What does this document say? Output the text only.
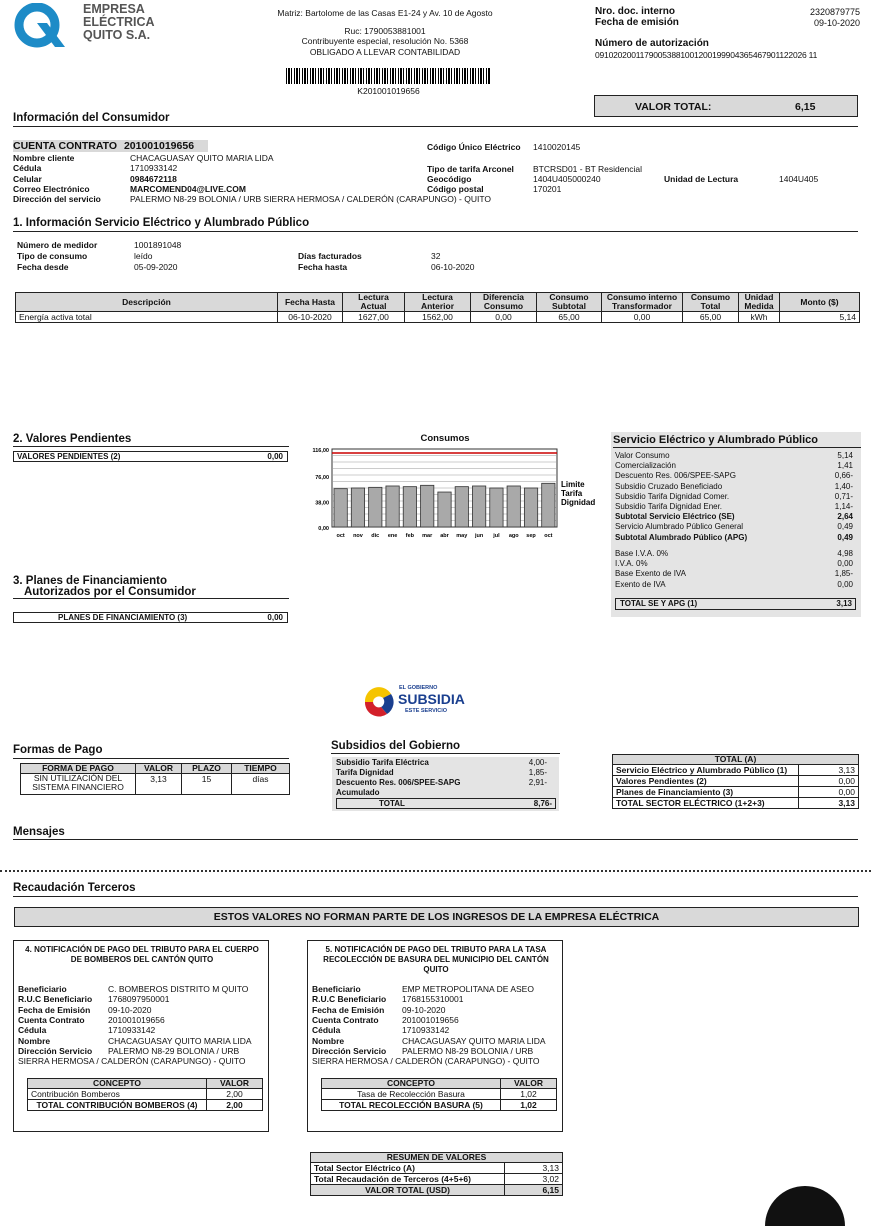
EMPRESA
ELÉCTRICA
QUITO S.A.
Matriz: Bartolome de las Casas E1-24 y Av. 10 de Agosto
Ruc: 1790053881001
Contribuyente especial, resolución No. 5368
OBLIGADO A LLEVAR CONTABILIDAD
K201001019656
Nro. doc. interno	2320879775
Fecha de emisión	09-10-2020
Número de autorización
09102020011790053881001200199904365467901122026 11
VALOR TOTAL:	6,15
Información del Consumidor
CUENTA CONTRATO 201001019656
Nombre cliente	CHACAGUASAY QUITO MARIA LIDA
Cédula	1710933142
Celular	0984672118
Correo Electrónico	MARCOMEND04@LIVE.COM
Dirección del servicio	PALERMO N8-29 BOLONIA / URB SIERRA HERMOSA / CALDERÓN (CARAPUNGO) - QUITO
Código Único Eléctrico 1410020145
Tipo de tarifa Arconel BTCRSD01 - BT Residencial
Geocódigo	1404U405000240	Unidad de Lectura	1404U405
Código postal	170201
1. Información Servicio Eléctrico y Alumbrado Público
Número de medidor	1001891048
Tipo de consumo	leído
Fecha desde	05-09-2020
Días facturados	32
Fecha hasta	06-10-2020
Descripción	Fecha Hasta	Lectura Actual	Lectura Anterior	Diferencia Consumo	Consumo Subtotal	Consumo interno Transformador	Consumo Total	Unidad Medida	Monto ($)
Energía activa total	06-10-2020	1627,00	1562,00	0,00	65,00	0,00	65,00	kWh	5,14
2. Valores Pendientes
VALORES PENDIENTES (2)	0,00
Consumos
116,00
76,00
38,00
0,00
oct nov dic ene feb mar abr may jun jul ago sep oct
Limite
Tarifa
Dignidad
3. Planes de Financiamiento
Autorizados por el Consumidor
PLANES DE FINANCIAMIENTO (3)	0,00
Servicio Eléctrico y Alumbrado Público
Valor Consumo	5,14
Comercialización	1,41
Descuento Res. 006/SPEE-SAPG	0,66-
Subsidio Cruzado Beneficiado	1,40-
Subsidio Tarifa Dignidad Comer.	0,71-
Subsidio Tarifa Dignidad Ener.	1,14-
Subtotal Servicio Eléctrico (SE)	2,64
Servicio Alumbrado Público General	0,49
Subtotal Alumbrado Público (APG)	0,49
Base I.V.A. 0%	4,98
I.V.A. 0%	0,00
Base Exento de IVA	1,85-
Exento de IVA	0,00
TOTAL SE Y APG (1)	3,13
EL GOBIERNO
SUBSIDIA
ESTE SERVICIO
Formas de Pago
FORMA DE PAGO	VALOR	PLAZO	TIEMPO
SIN UTILIZACIÓN DEL SISTEMA FINANCIERO	3,13	15	días
Subsidios del Gobierno
Subsidio Tarifa Eléctrica	4,00-
Tarifa Dignidad	1,85-
Descuento Res. 006/SPEE-SAPG Acumulado
2,91-
TOTAL	8,76-
TOTAL (A)	
Servicio Eléctrico y Alumbrado Público (1)	3,13
Valores Pendientes (2)	0,00
Planes de Financiamiento (3)	0,00
TOTAL SECTOR ELÉCTRICO (1+2+3)	3,13
Mensajes
Recaudación Terceros
ESTOS VALORES NO FORMAN PARTE DE LOS INGRESOS DE LA EMPRESA ELÉCTRICA
4. NOTIFICACIÓN DE PAGO DEL TRIBUTO PARA EL CUERPO DE BOMBEROS DEL CANTÓN QUITO
Beneficiario	C. BOMBEROS DISTRITO M QUITO
R.U.C Beneficiario 1768097950001
Fecha de Emisión 09-10-2020
Cuenta Contrato	201001019656
Cédula	1710933142
Nombre	CHACAGUASAY QUITO MARIA LIDA
Dirección Servicio PALERMO N8-29 BOLONIA / URB
SIERRA HERMOSA / CALDERÓN (CARAPUNGO) - QUITO
CONCEPTO	VALOR
Contribución Bomberos	2,00
TOTAL CONTRIBUCIÓN BOMBEROS (4)	2,00
5. NOTIFICACIÓN DE PAGO DEL TRIBUTO PARA LA TASA RECOLECCIÓN DE BASURA DEL MUNICIPIO DEL CANTÓN QUITO
Beneficiario	EMP METROPOLITANA DE ASEO
R.U.C Beneficiario 1768155310001
Fecha de Emisión 09-10-2020
Cuenta Contrato	201001019656
Cédula	1710933142
Nombre	CHACAGUASAY QUITO MARIA LIDA
Dirección Servicio PALERMO N8-29 BOLONIA / URB
SIERRA HERMOSA / CALDERÓN (CARAPUNGO) - QUITO
CONCEPTO	VALOR
Tasa de Recolección Basura	1,02
TOTAL RECOLECCIÓN BASURA (5)	1,02
RESUMEN DE VALORES	
Total Sector Eléctrico (A)	3,13
Total Recaudación de Terceros (4+5+6)	3,02
VALOR TOTAL (USD)	6,15
